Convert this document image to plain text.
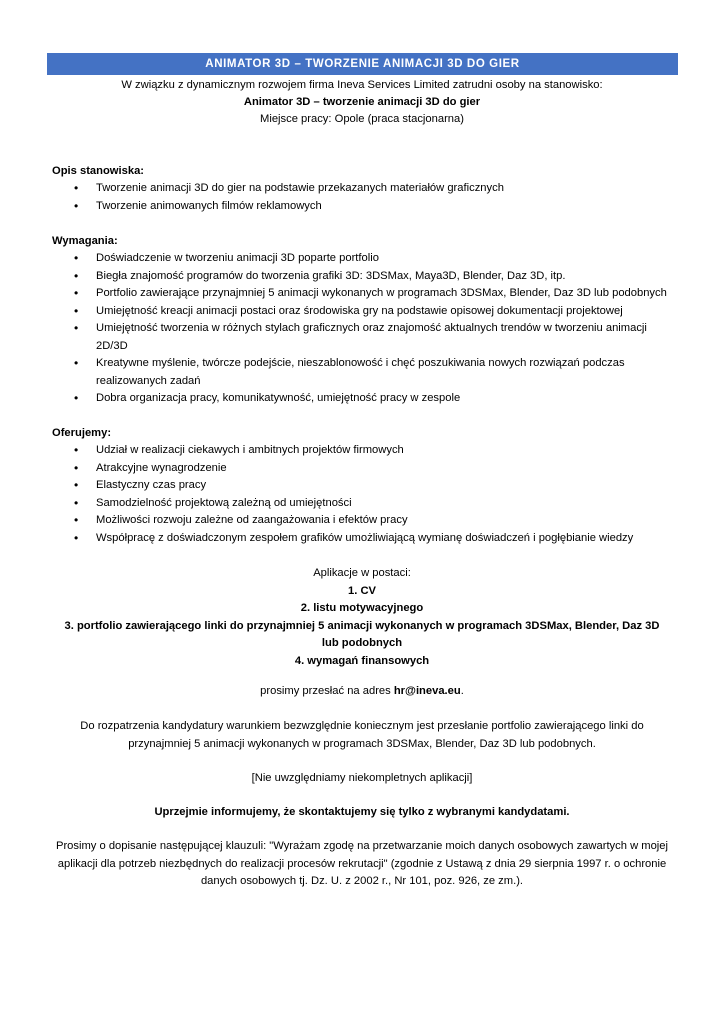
ANIMATOR 3D – TWORZENIE ANIMACJI 3D DO GIER
W związku z dynamicznym rozwojem firma Ineva Services Limited zatrudni osoby na stanowisko:
Animator 3D – tworzenie animacji 3D do gier
Miejsce pracy: Opole (praca stacjonarna)
Opis stanowiska:
• Tworzenie animacji 3D do gier na podstawie przekazanych materiałów graficznych
• Tworzenie animowanych filmów reklamowych
Wymagania:
• Doświadczenie w tworzeniu animacji 3D poparte portfolio
• Biegła znajomość programów do tworzenia grafiki 3D: 3DSMax, Maya3D, Blender, Daz 3D, itp.
• Portfolio zawierające przynajmniej 5 animacji wykonanych w programach 3DSMax, Blender, Daz 3D lub podobnych
• Umiejętność kreacji animacji postaci oraz środowiska gry na podstawie opisowej dokumentacji projektowej
• Umiejętność tworzenia w różnych stylach graficznych oraz znajomość aktualnych trendów w tworzeniu animacji 2D/3D
• Kreatywne myślenie, twórcze podejście, nieszablonowość i chęć poszukiwania nowych rozwiązań podczas realizowanych zadań
• Dobra organizacja pracy, komunikatywność, umiejętność pracy w zespole
Oferujemy:
• Udział w realizacji ciekawych i ambitnych projektów firmowych
• Atrakcyjne wynagrodzenie
• Elastyczny czas pracy
• Samodzielność projektową zależną od umiejętności
• Możliwości rozwoju zależne od zaangażowania i efektów pracy
• Współpracę z doświadczonym zespołem grafików umożliwiającą wymianę doświadczeń i pogłębianie wiedzy
Aplikacje w postaci:
1. CV
2. listu motywacyjnego
3. portfolio zawierającego linki do przynajmniej 5 animacji wykonanych w programach 3DSMax, Blender, Daz 3D lub podobnych
4. wymagań finansowych
prosimy przesłać na adres hr@ineva.eu.
Do rozpatrzenia kandydatury warunkiem bezwzględnie koniecznym jest przesłanie portfolio zawierającego linki do przynajmniej 5 animacji wykonanych w programach 3DSMax, Blender, Daz 3D lub podobnych.
[Nie uwzględniamy niekompletnych aplikacji]
Uprzejmie informujemy, że skontaktujemy się tylko z wybranymi kandydatami.
Prosimy o dopisanie następującej klauzuli: "Wyrażam zgodę na przetwarzanie moich danych osobowych zawartych w mojej aplikacji dla potrzeb niezbędnych do realizacji procesów rekrutacji" (zgodnie z Ustawą z dnia 29 sierpnia 1997 r. o ochronie danych osobowych tj. Dz. U. z 2002 r., Nr 101, poz. 926, ze zm.).
